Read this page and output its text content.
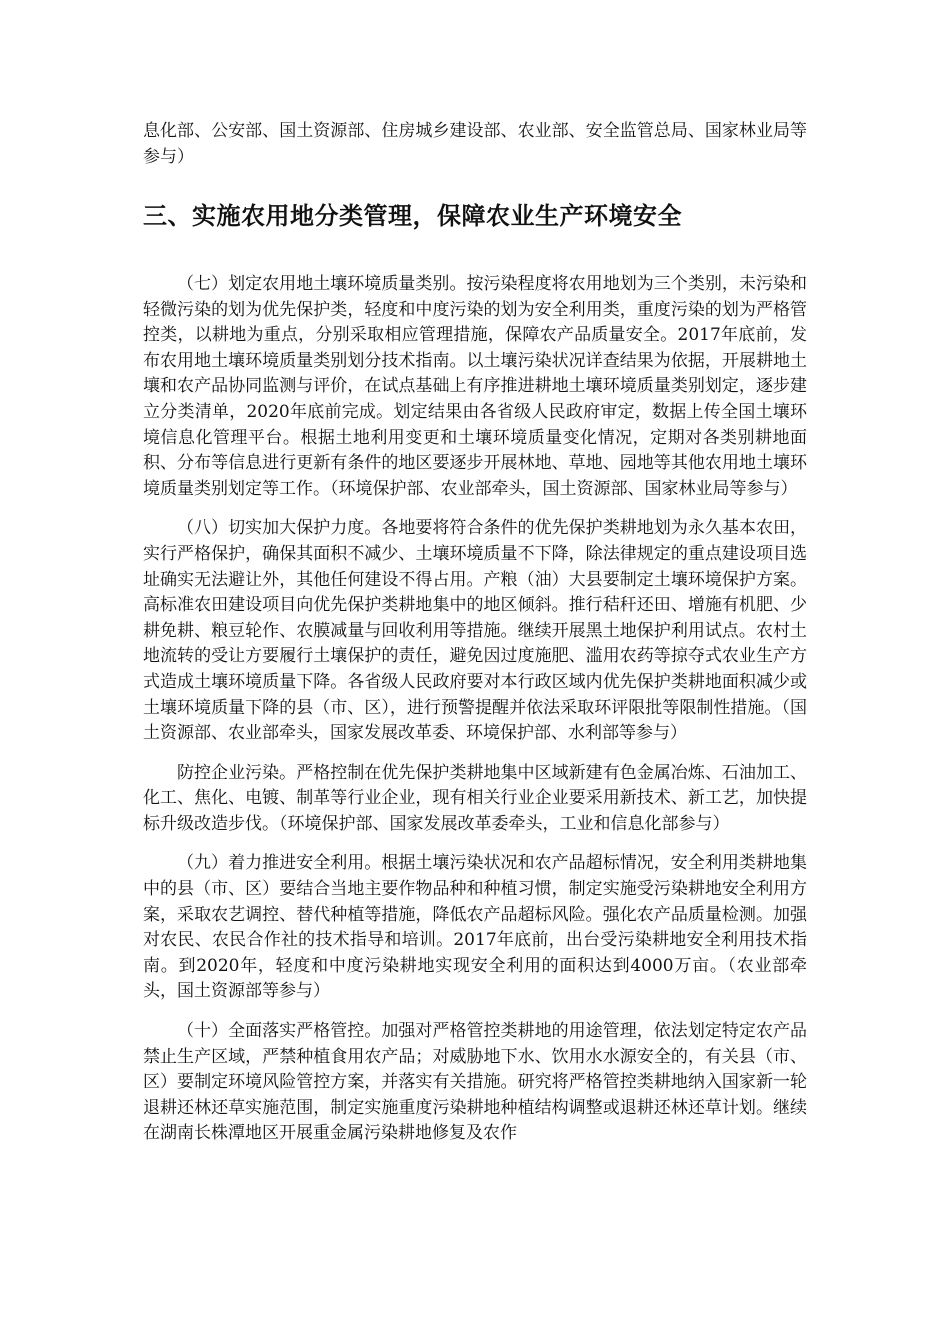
息化部、公安部、国土资源部、住房城乡建设部、农业部、安全监管总局、国家林业局等参与）

三、实施农用地分类管理，保障农业生产环境安全

（七）划定农用地土壤环境质量类别。按污染程度将农用地划为三个类别，未污染和轻微污染的划为优先保护类，轻度和中度污染的划为安全利用类，重度污染的划为严格管控类，以耕地为重点，分别采取相应管理措施，保障农产品质量安全。2017年底前，发布农用地土壤环境质量类别划分技术指南。以土壤污染状况详查结果为依据，开展耕地土壤和农产品协同监测与评价，在试点基础上有序推进耕地土壤环境质量类别划定，逐步建立分类清单，2020年底前完成。划定结果由各省级人民政府审定，数据上传全国土壤环境信息化管理平台。根据土地利用变更和土壤环境质量变化情况，定期对各类别耕地面积、分布等信息进行更新有条件的地区要逐步开展林地、草地、园地等其他农用地土壤环境质量类别划定等工作。（环境保护部、农业部牵头，国土资源部、国家林业局等参与）

（八）切实加大保护力度。各地要将符合条件的优先保护类耕地划为永久基本农田，实行严格保护，确保其面积不减少、土壤环境质量不下降，除法律规定的重点建设项目选址确实无法避让外，其他任何建设不得占用。产粮（油）大县要制定土壤环境保护方案。高标准农田建设项目向优先保护类耕地集中的地区倾斜。推行秸秆还田、增施有机肥、少耕免耕、粮豆轮作、农膜减量与回收利用等措施。继续开展黑土地保护利用试点。农村土地流转的受让方要履行土壤保护的责任，避免因过度施肥、滥用农药等掠夺式农业生产方式造成土壤环境质量下降。各省级人民政府要对本行政区域内优先保护类耕地面积减少或土壤环境质量下降的县（市、区），进行预警提醒并依法采取环评限批等限制性措施。（国土资源部、农业部牵头，国家发展改革委、环境保护部、水利部等参与）

防控企业污染。严格控制在优先保护类耕地集中区域新建有色金属冶炼、石油加工、化工、焦化、电镀、制革等行业企业，现有相关行业企业要采用新技术、新工艺，加快提标升级改造步伐。（环境保护部、国家发展改革委牵头，工业和信息化部参与）

（九）着力推进安全利用。根据土壤污染状况和农产品超标情况，安全利用类耕地集中的县（市、区）要结合当地主要作物品种和种植习惯，制定实施受污染耕地安全利用方案，采取农艺调控、替代种植等措施，降低农产品超标风险。强化农产品质量检测。加强对农民、农民合作社的技术指导和培训。2017年底前，出台受污染耕地安全利用技术指南。到2020年，轻度和中度污染耕地实现安全利用的面积达到4000万亩。（农业部牵头，国土资源部等参与）

（十）全面落实严格管控。加强对严格管控类耕地的用途管理，依法划定特定农产品禁止生产区域，严禁种植食用农产品；对威胁地下水、饮用水水源安全的，有关县（市、区）要制定环境风险管控方案，并落实有关措施。研究将严格管控类耕地纳入国家新一轮退耕还林还草实施范围，制定实施重度污染耕地种植结构调整或退耕还林还草计划。继续在湖南长株潭地区开展重金属污染耕地修复及农作
